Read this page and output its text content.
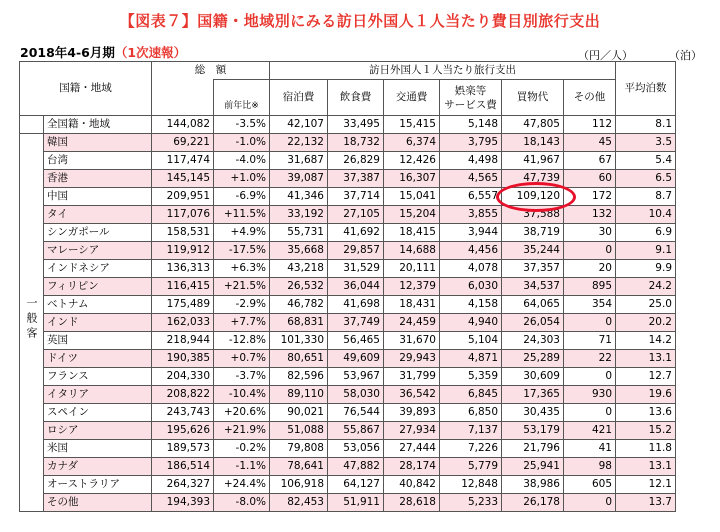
【図表７】国籍・地域別にみる訪日外国人１人当たり費目別旅行支出
2018年4-6月期（1次速報）	（円／人）	（泊）
国籍・地域		総　額		訪日外国人１人当たり旅行支出						平均泊数
			前年比※	宿泊費	飲食費	交通費	娯楽等
サービス費	買物代	その他	
	全国籍・地域	144,082	-3.5%	42,107	33,495	15,415	5,148	47,805	112	8.1
一般客	韓国	69,221	-1.0%	22,132	18,732	6,374	3,795	18,143	45	3.5
	台湾	117,474	-4.0%	31,687	26,829	12,426	4,498	41,967	67	5.4
	香港	145,145	+1.0%	39,087	37,387	16,307	4,565	47,739	60	6.5
	中国	209,951	-6.9%	41,346	37,714	15,041	6,557	109,120	172	8.7
	タイ	117,076	+11.5%	33,192	27,105	15,204	3,855	37,588	132	10.4
	シンガポール	158,531	+4.9%	55,731	41,692	18,415	3,944	38,719	30	6.9
	マレーシア	119,912	-17.5%	35,668	29,857	14,688	4,456	35,244	0	9.1
	インドネシア	136,313	+6.3%	43,218	31,529	20,111	4,078	37,357	20	9.9
	フィリピン	116,415	+21.5%	26,532	36,044	12,379	6,030	34,537	895	24.2
	ベトナム	175,489	-2.9%	46,782	41,698	18,431	4,158	64,065	354	25.0
	インド	162,033	+7.7%	68,831	37,749	24,459	4,940	26,054	0	20.2
	英国	218,944	-12.8%	101,330	56,465	31,670	5,104	24,303	71	14.2
	ドイツ	190,385	+0.7%	80,651	49,609	29,943	4,871	25,289	22	13.1
	フランス	204,330	-3.7%	82,596	53,967	31,799	5,359	30,609	0	12.7
	イタリア	208,822	-10.4%	89,110	58,030	36,542	6,845	17,365	930	19.6
	スペイン	243,743	+20.6%	90,021	76,544	39,893	6,850	30,435	0	13.6
	ロシア	195,626	+21.9%	51,088	55,867	27,934	7,137	53,179	421	15.2
	米国	189,573	-0.2%	79,808	53,056	27,444	7,226	21,796	41	11.8
	カナダ	186,514	-1.1%	78,641	47,882	28,174	5,779	25,941	98	13.1
	オーストラリア	264,327	+24.4%	106,918	64,127	40,842	12,848	38,986	605	12.1
	その他	194,393	-8.0%	82,453	51,911	28,618	5,233	26,178	0	13.7
